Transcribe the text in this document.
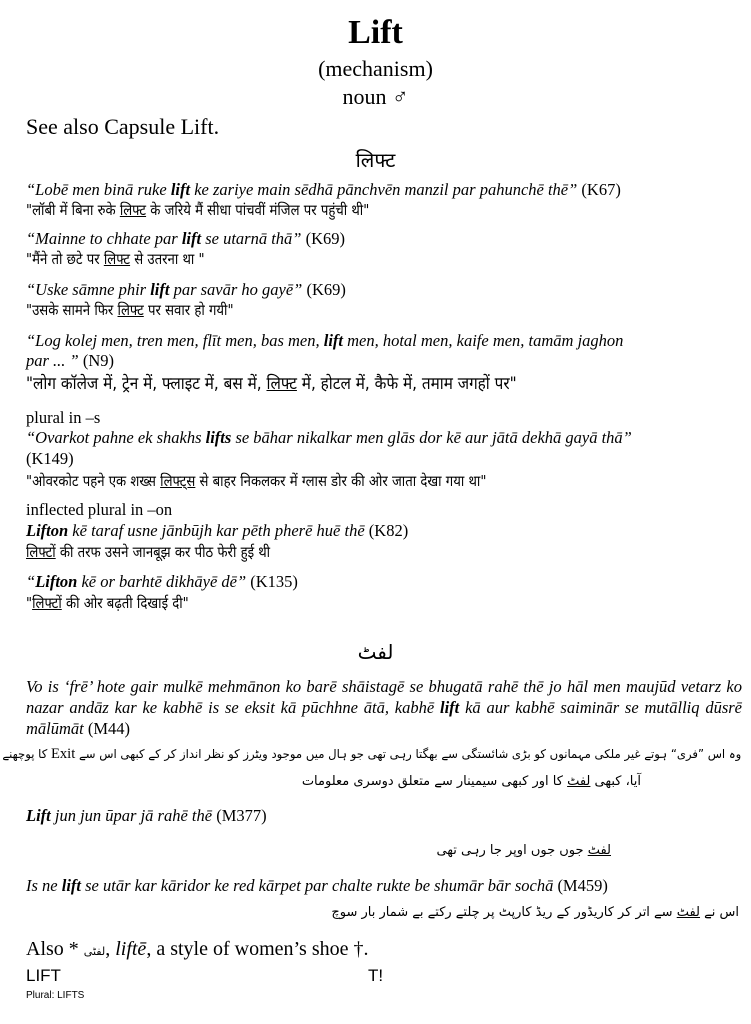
Lift
(mechanism)
noun ♂
See also Capsule Lift.
लिफ्ट
“Lobē men binā ruke lift ke zariye main sēdhā pānchvēn manzil par pahunchē thē” (K67)
"लॉबी में बिना रुके लिफ्ट के जरिये मैं सीधा पांचवीं मंजिल पर पहुंची थी"
“Mainne to chhate par lift se utarnā thā” (K69)
"मैंने तो छटे पर लिफ्ट से उतरना था "
“Uske sāmne phir lift par savār ho gayē” (K69)
"उसके सामने फिर लिफ्ट पर सवार हो गयी"
“Log kolej men, tren men, flīt men, bas men, lift men, hotal men, kaife men, tamām jaghon
par ... ” (N9)
"लोग कॉलेज में, ट्रेन में, फ्लाइट में, बस में, लिफ्ट में, होटल में, कैफे में, तमाम जगहों पर"
plural in –s
“Ovarkot pahne ek shakhs lifts se bāhar nikalkar men glās dor kē aur jātā dekhā gayā thā”
(K149)
"ओवरकोट पहने एक शख्स लिफ्ट्स से बाहर निकलकर में ग्लास डोर की ओर जाता देखा गया था"
inflected plural in –on
Lifton kē taraf usne jānbūjh kar pēth pherē huē thē (K82)
लिफ्टों की तरफ उसने जानबूझ कर पीठ फेरी हुई थी
“Lifton kē or barhtē dikhāyē dē” (K135)
"लिफ्टों की ओर बढ़ती दिखाई दी"
لفٹ
Vo is ‘frē’ hote gair mulkē mehmānon ko barē shāistagē se bhugatā rahē thē jo hāl men maujūd vetarz ko nazar andāz kar ke kabhē is se eksit kā pūchhne ātā, kabhē lift kā aur kabhē saiminār se mutālliq dūsrē mālūmāt (M44)
وہ اس ”فری“ ہوتے غیر ملکی مہمانوں کو بڑی شائستگی سے بھگتا رہی تھی جو ہال میں موجود ویٹرز کو نظر انداز کر کے کبھی اس سے Exit کا پوچھنے
آیا، کبھی لفٹ کا اور کبھی سیمینار سے متعلق دوسری معلومات
Lift jun jun ūpar jā rahē thē (M377)
لفٹ جوں جوں اوپر جا رہی تھی
Is ne lift se utār kar kāridor ke red kārpet par chalte rukte be shumār bār sochā (M459)
اس نے لفٹ سے اتر کر کاریڈور کے ریڈ کارپٹ پر چلتے رکتے بے شمار بار سوچ
Also * لفٹی, liftē, a style of women’s shoe †.
LIFT	T!
Plural: LIFTS
